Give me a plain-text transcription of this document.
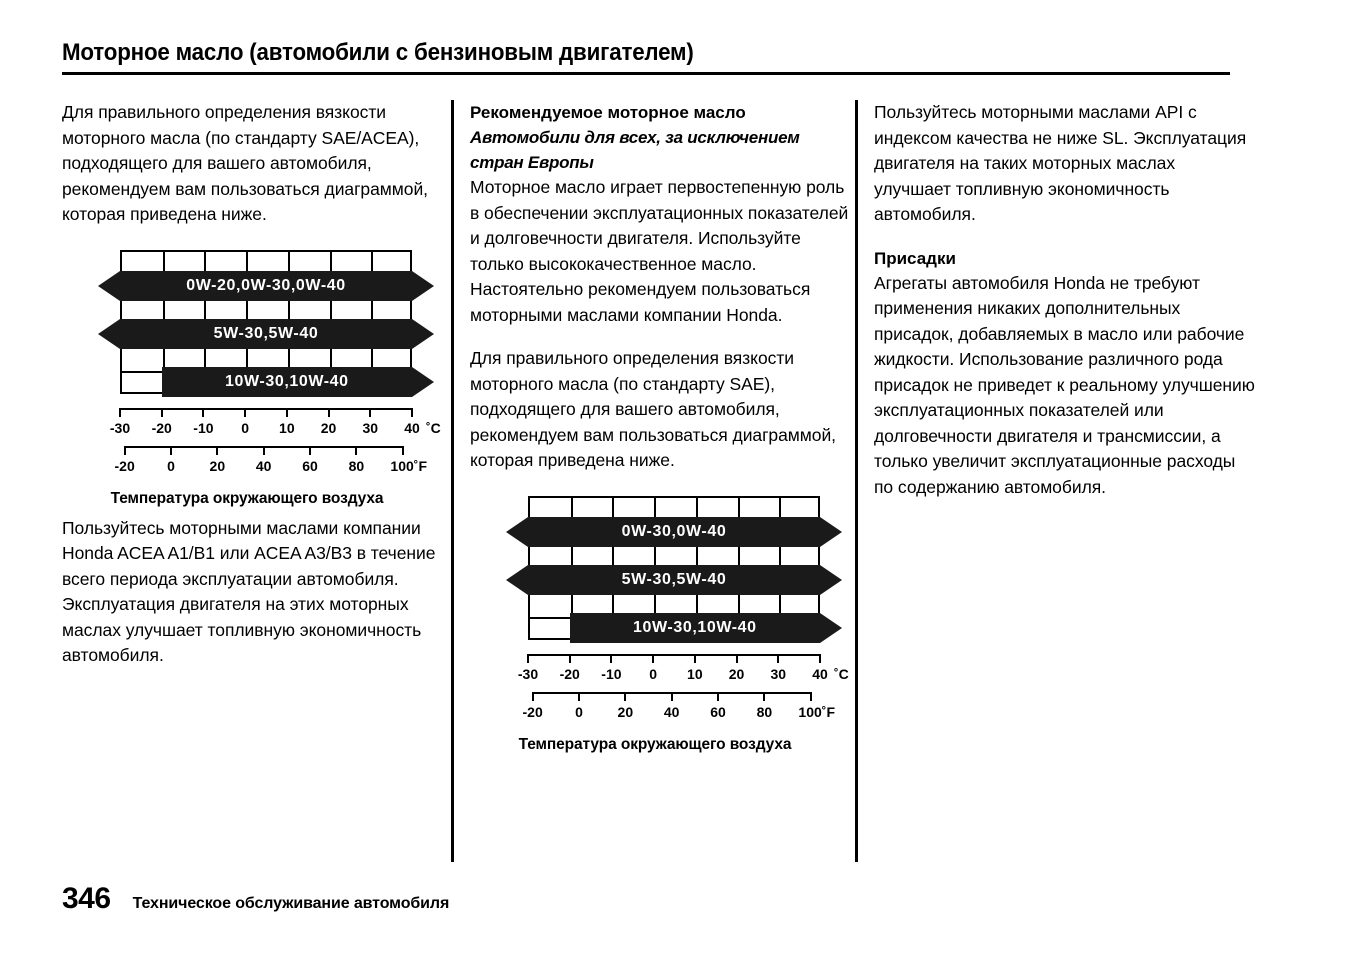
Моторное масло (автомобили с бензиновым двигателем)

Для правильного определения вязкости моторного масла (по стандарту SAE/ACEA), подходящего для вашего автомобиля, рекомендуем вам пользоваться диаграммой, которая приведена ниже.

0W-20‚0W-30‚0W-40
5W-30‚5W-40
10W-30‚10W-40
-30 -20 -10 0 10 20 30 40 ˚C
-20 0 20 40 60 80 100˚F
Температура окружающего воздуха

Пользуйтесь моторными маслами компании Honda ACEA A1/B1 или ACEA A3/B3 в течение всего периода эксплуатации автомобиля. Эксплуатация двигателя на этих моторных маслах улучшает топливную экономичность автомобиля.

Рекомендуемое моторное масло
Автомобили для всех, за исключением стран Европы

Моторное масло играет первостепенную роль в обеспечении эксплуатационных показателей и долговечности двигателя. Используйте только высококачественное масло. Настоятельно рекомендуем пользоваться моторными маслами компании Honda.

Для правильного определения вязкости моторного масла (по стандарту SAE), подходящего для вашего автомобиля, рекомендуем вам пользоваться диаграммой, которая приведена ниже.

0W-30‚0W-40
5W-30‚5W-40
10W-30‚10W-40
-30 -20 -10 0 10 20 30 40 ˚C
-20 0 20 40 60 80 100˚F
Температура окружающего воздуха

Пользуйтесь моторными маслами API с индексом качества не ниже SL. Эксплуатация двигателя на таких моторных маслах улучшает топливную экономичность автомобиля.

Присадки

Агрегаты автомобиля Honda не требуют применения никаких дополнительных присадок, добавляемых в масло или рабочие жидкости. Использование различного рода присадок не приведет к реальному улучшению эксплуатационных показателей или долговечности двигателя и трансмиссии, а только увеличит эксплуатационные расходы по содержанию автомобиля.

346 Техническое обслуживание автомобиля
